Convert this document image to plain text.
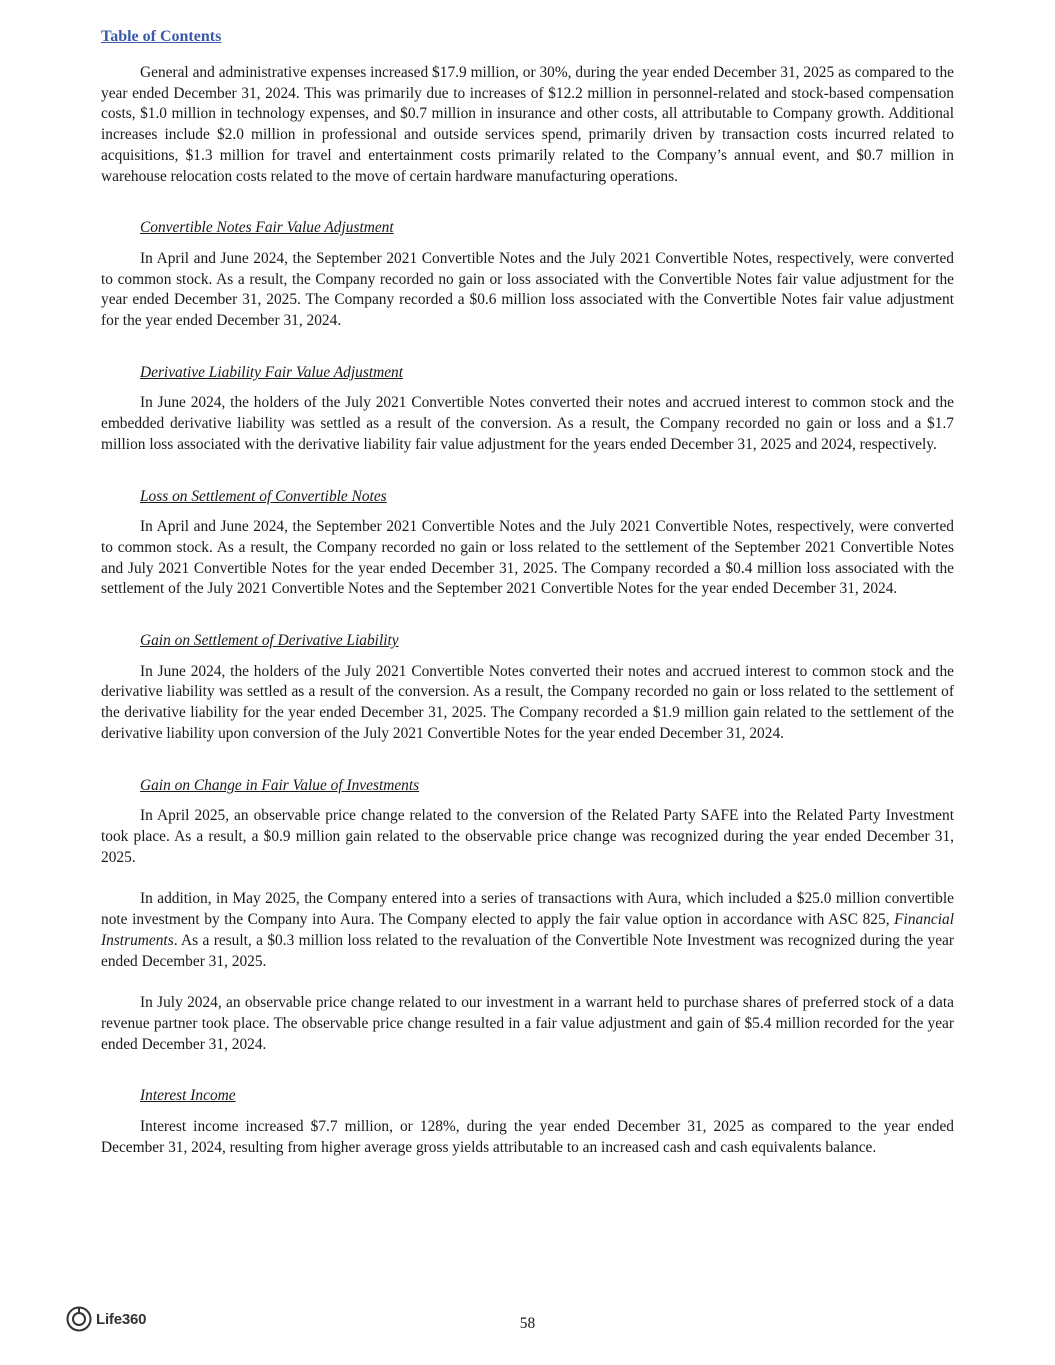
Table of Contents

General and administrative expenses increased $17.9 million, or 30%, during the year ended December 31, 2025 as compared to the year ended December 31, 2024. This was primarily due to increases of $12.2 million in personnel-related and stock-based compensation costs, $1.0 million in technology expenses, and $0.7 million in insurance and other costs, all attributable to Company growth. Additional increases include $2.0 million in professional and outside services spend, primarily driven by transaction costs incurred related to acquisitions, $1.3 million for travel and entertainment costs primarily related to the Company’s annual event, and $0.7 million in warehouse relocation costs related to the move of certain hardware manufacturing operations.

Convertible Notes Fair Value Adjustment

In April and June 2024, the September 2021 Convertible Notes and the July 2021 Convertible Notes, respectively, were converted to common stock. As a result, the Company recorded no gain or loss associated with the Convertible Notes fair value adjustment for the year ended December 31, 2025. The Company recorded a $0.6 million loss associated with the Convertible Notes fair value adjustment for the year ended December 31, 2024.

Derivative Liability Fair Value Adjustment

In June 2024, the holders of the July 2021 Convertible Notes converted their notes and accrued interest to common stock and the embedded derivative liability was settled as a result of the conversion. As a result, the Company recorded no gain or loss and a $1.7 million loss associated with the derivative liability fair value adjustment for the years ended December 31, 2025 and 2024, respectively.

Loss on Settlement of Convertible Notes

In April and June 2024, the September 2021 Convertible Notes and the July 2021 Convertible Notes, respectively, were converted to common stock. As a result, the Company recorded no gain or loss related to the settlement of the September 2021 Convertible Notes and July 2021 Convertible Notes for the year ended December 31, 2025. The Company recorded a $0.4 million loss associated with the settlement of the July 2021 Convertible Notes and the September 2021 Convertible Notes for the year ended December 31, 2024.

Gain on Settlement of Derivative Liability

In June 2024, the holders of the July 2021 Convertible Notes converted their notes and accrued interest to common stock and the derivative liability was settled as a result of the conversion. As a result, the Company recorded no gain or loss related to the settlement of the derivative liability for the year ended December 31, 2025. The Company recorded a $1.9 million gain related to the settlement of the derivative liability upon conversion of the July 2021 Convertible Notes for the year ended December 31, 2024.

Gain on Change in Fair Value of Investments

In April 2025, an observable price change related to the conversion of the Related Party SAFE into the Related Party Investment took place. As a result, a $0.9 million gain related to the observable price change was recognized during the year ended December 31, 2025.

In addition, in May 2025, the Company entered into a series of transactions with Aura, which included a $25.0 million convertible note investment by the Company into Aura. The Company elected to apply the fair value option in accordance with ASC 825, Financial Instruments. As a result, a $0.3 million loss related to the revaluation of the Convertible Note Investment was recognized during the year ended December 31, 2025.

In July 2024, an observable price change related to our investment in a warrant held to purchase shares of preferred stock of a data revenue partner took place. The observable price change resulted in a fair value adjustment and gain of $5.4 million recorded for the year ended December 31, 2024.

Interest Income

Interest income increased $7.7 million, or 128%, during the year ended December 31, 2025 as compared to the year ended December 31, 2024, resulting from higher average gross yields attributable to an increased cash and cash equivalents balance.

Life360	58
